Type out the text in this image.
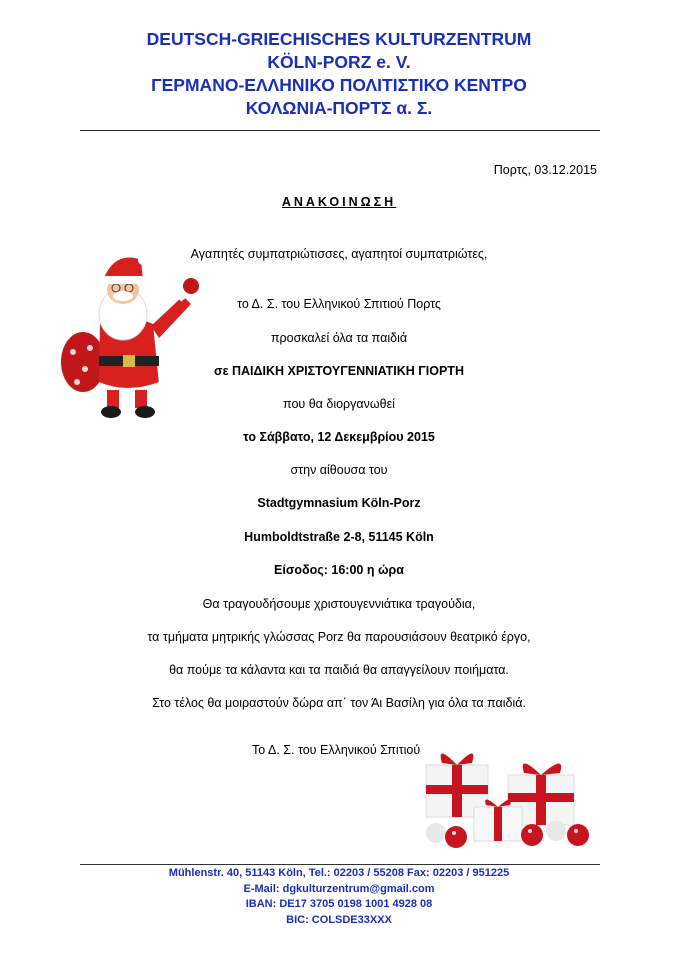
DEUTSCH-GRIECHISCHES KULTURZENTRUM
KÖLN-PORZ e. V.
ΓΕΡΜΑΝΟ-ΕΛΛΗΝΙΚΟ ΠΟΛΙΤΙΣΤΙΚΟ ΚΕΝΤΡΟ
ΚΟΛΩΝΙΑ-ΠΟΡΤΣ α. Σ.
Πορτς, 03.12.2015
ΑΝΑΚΟΙΝΩΣΗ
Αγαπητές συμπατριώτισσες, αγαπητοί συμπατριώτες,
το Δ. Σ. του Ελληνικού Σπιτιού Πορτς
προσκαλεί όλα τα παιδιά
σε ΠΑΙΔΙΚΗ ΧΡΙΣΤΟΥΓΕΝΝΙΑΤΙΚΗ ΓΙΟΡΤΗ
που θα διοργανωθεί
το Σάββατο, 12 Δεκεμβρίου 2015
στην αίθουσα του
Stadtgymnasium Köln-Porz
Humboldtstraße 2-8, 51145 Köln
Είσοδος: 16:00 η ώρα
Θα τραγουδήσουμε χριστουγεννιάτικα τραγούδια,
τα τμήματα μητρικής γλώσσας Porz θα παρουσιάσουν θεατρικό έργο,
θα πούμε τα κάλαντα και τα παιδιά θα απαγγείλουν ποιήματα.
Στο τέλος θα μοιραστούν δώρα απ΄ τον Άι Βασίλη για όλα τα παιδιά.
Το Δ. Σ. του Ελληνικού Σπιτιού
Mühlenstr. 40, 51143 Köln, Tel.: 02203 / 55208 Fax: 02203 / 951225
E-Mail: dgkulturzentrum@gmail.com
IBAN: DE17 3705 0198 1001 4928 08
BIC: COLSDE33XXX
